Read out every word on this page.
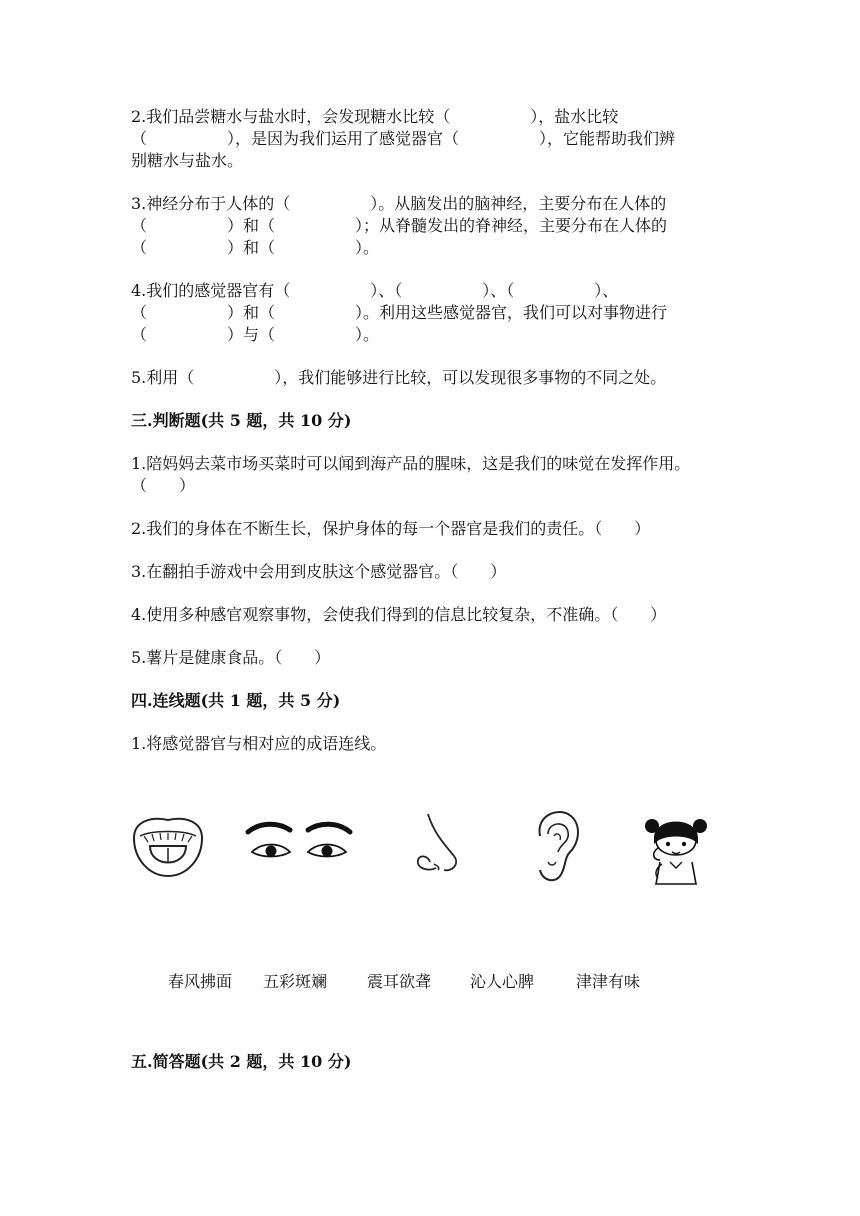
2.我们品尝糖水与盐水时，会发现糖水比较（　　　　　），盐水比较
（　　　　　），是因为我们运用了感觉器官（　　　　　），它能帮助我们辨
别糖水与盐水。
3.神经分布于人体的（　　　　　）。从脑发出的脑神经，主要分布在人体的
（　　　　　）和（　　　　　）；从脊髓发出的脊神经，主要分布在人体的
（　　　　　）和（　　　　　）。
4.我们的感觉器官有（　　　　　）、（　　　　　）、（　　　　　）、
（　　　　　）和（　　　　　）。利用这些感觉器官，我们可以对事物进行
（　　　　　）与（　　　　　）。
5.利用（　　　　　），我们能够进行比较，可以发现很多事物的不同之处。
三.判断题(共 5 题，共 10 分)
1.陪妈妈去菜市场买菜时可以闻到海产品的腥味，这是我们的味觉在发挥作用。
（　　）
2.我们的身体在不断生长，保护身体的每一个器官是我们的责任。（　　）
3.在翻拍手游戏中会用到皮肤这个感觉器官。（　　）
4.使用多种感官观察事物，会使我们得到的信息比较复杂，不准确。（　　）
5.薯片是健康食品。（　　）
四.连线题(共 1 题，共 5 分)
1.将感觉器官与相对应的成语连线。
春风拂面 五彩斑斓 震耳欲聋 沁人心脾	津津有味
五.简答题(共 2 题，共 10 分)
